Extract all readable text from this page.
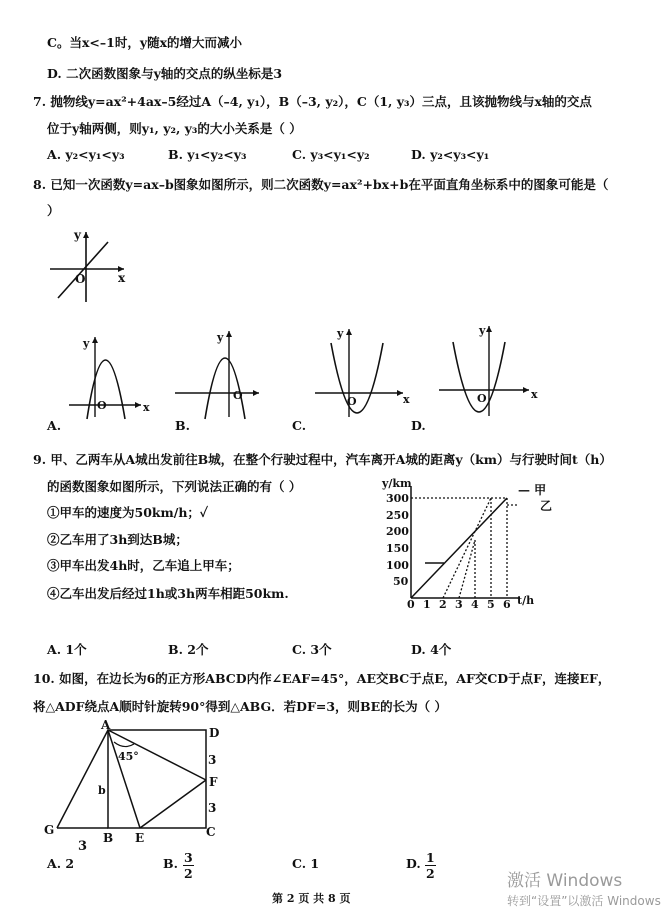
C。当x<–1时，y随x的增大而减小
D. 二次函数图象与y轴的交点的纵坐标是3
7. 抛物线y=ax²+4ax–5经过A（–4, y₁），B（–3, y₂），C（1, y₃）三点，且该抛物线与x轴的交点
位于y轴两侧，则y₁, y₂, y₃的大小关系是（ ）
A. y₂<y₁<y₃	B. y₁<y₂<y₃	C. y₃<y₁<y₂	D. y₂<y₃<y₁
8. 已知一次函数y=ax–b图象如图所示，则二次函数y=ax²+bx+b在平面直角坐标系中的图象可能是（
）
y
x
O
y
x
O
A.
y
O
B.
y
x
O
C.
y
x
O
D.
9. 甲、乙两车从A城出发前往B城，在整个行驶过程中，汽车离开A城的距离y（km）与行驶时间t（h）
的函数图象如图所示，下列说法正确的有（ ）
①甲车的速度为50km/h；✓
②乙车用了3h到达B城；
③甲车出发4h时，乙车追上甲车；
④乙车出发后经过1h或3h两车相距50km.
y/km
t/h
300
250
200
150
100
50
0 1 2 3 4 5 6
— 甲
乙
A. 1个	B. 2个	C. 3个	D. 4个
10. 如图，在边长为6的正方形ABCD内作∠EAF=45°，AE交BC于点E，AF交CD于点F，连接EF，
将△ADF绕点A顺时针旋转90°得到△ABG．若DF=3，则BE的长为（ ）
A
D
F
G
B E	C
45°	3
3
3
b
A. 2	B. $\frac{3}{2}$	C. 1	D. $\frac{1}{2}$
第 2 页 共 8 页
激活 Windows
转到“设置”以激活 Windows
